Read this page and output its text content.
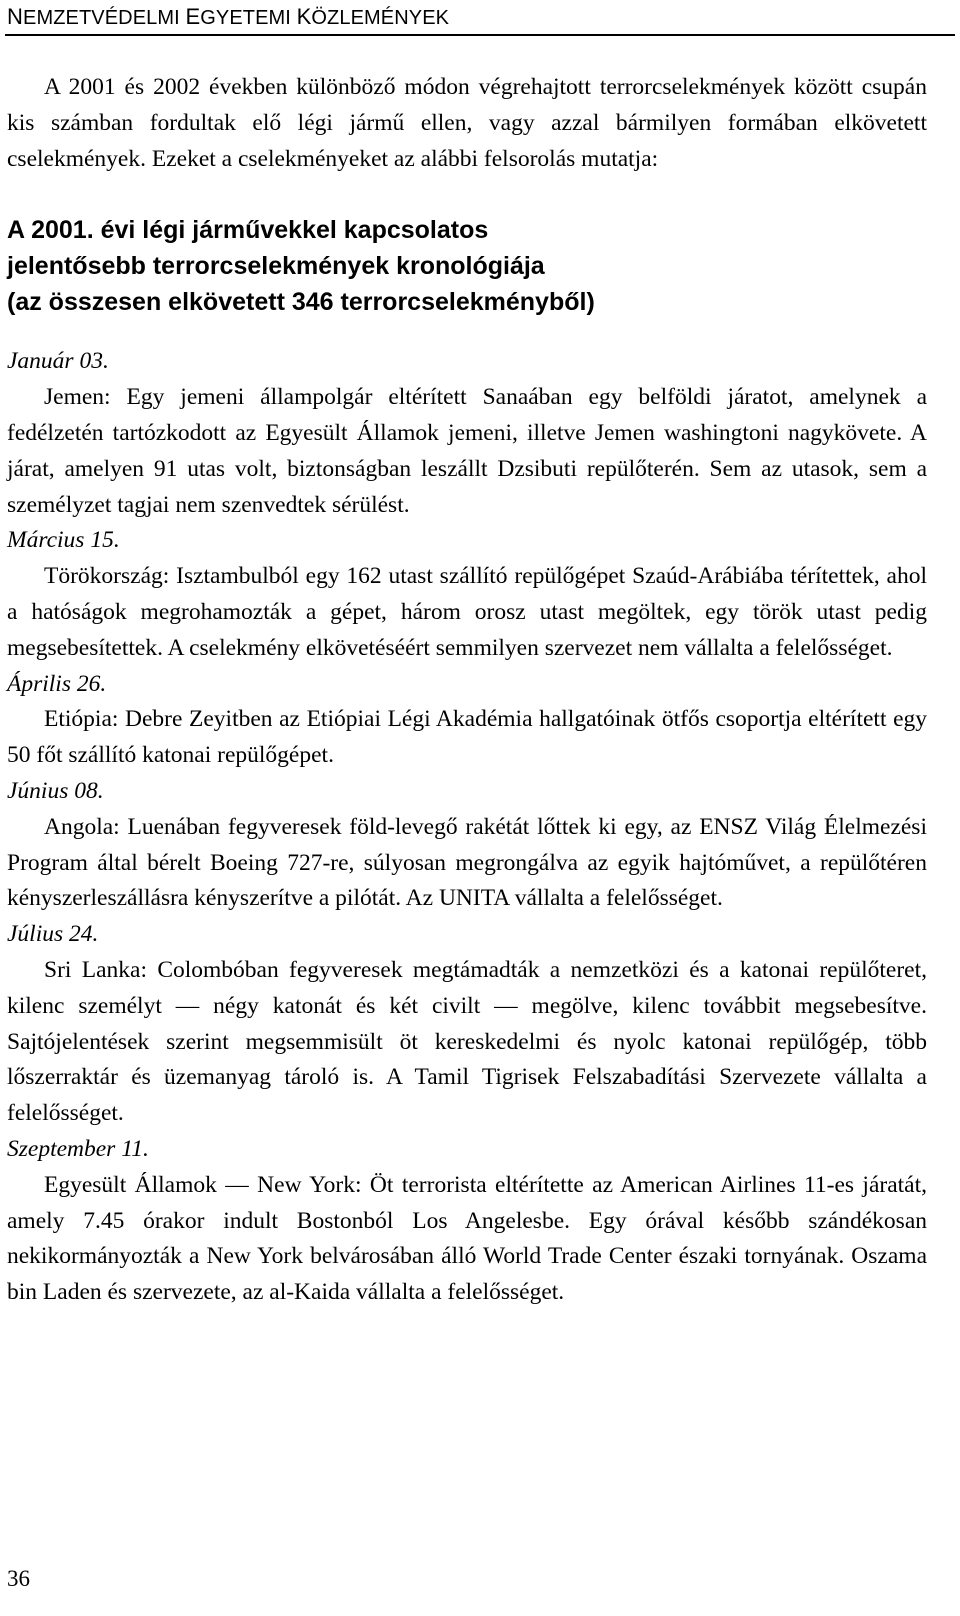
NEMZETVÉDELMI EGYETEMI KÖZLEMÉNYEK

A 2001 és 2002 években különböző módon végrehajtott terrorcselekmények között csupán kis számban fordultak elő légi jármű ellen, vagy azzal bármilyen formában elkövetett cselekmények. Ezeket a cselekményeket az alábbi felsorolás mutatja:

A 2001. évi légi járművekkel kapcsolatos
jelentősebb terrorcselekmények kronológiája
(az összesen elkövetett 346 terrorcselekményből)

Január 03.

Jemen: Egy jemeni állampolgár eltérített Sanaában egy belföldi járatot, amelynek a fedélzetén tartózkodott az Egyesült Államok jemeni, illetve Jemen washingtoni nagykövete. A járat, amelyen 91 utas volt, biztonságban leszállt Dzsibuti repülőterén. Sem az utasok, sem a személyzet tagjai nem szenvedtek sérülést.

Március 15.

Törökország: Isztambulból egy 162 utast szállító repülőgépet Szaúd-Arábiába térítettek, ahol a hatóságok megrohamozták a gépet, három orosz utast megöltek, egy török utast pedig megsebesítettek. A cselekmény elkövetéséért semmilyen szervezet nem vállalta a felelősséget.

Április 26.

Etiópia: Debre Zeyitben az Etiópiai Légi Akadémia hallgatóinak ötfős csoportja eltérített egy 50 főt szállító katonai repülőgépet.

Június 08.

Angola: Luenában fegyveresek föld-levegő rakétát lőttek ki egy, az ENSZ Világ Élelmezési Program által bérelt Boeing 727-re, súlyosan megrongálva az egyik hajtóművet, a repülőtéren kényszerleszállásra kényszerítve a pilótát. Az UNITA vállalta a felelősséget.

Július 24.

Sri Lanka: Colombóban fegyveresek megtámadták a nemzetközi és a katonai repülőteret, kilenc személyt — négy katonát és két civilt — megölve, kilenc továbbit megsebesítve. Sajtójelentések szerint megsemmisült öt kereskedelmi és nyolc katonai repülőgép, több lőszerraktár és üzemanyag tároló is. A Tamil Tigrisek Felszabadítási Szervezete vállalta a felelősséget.

Szeptember 11.

Egyesült Államok — New York: Öt terrorista eltérítette az American Airlines 11-es járatát, amely 7.45 órakor indult Bostonból Los Angelesbe. Egy órával később szándékosan nekikormányozták a New York belvárosában álló World Trade Center északi tornyának. Oszama bin Laden és szervezete, az al-Kaida vállalta a felelősséget.

36
